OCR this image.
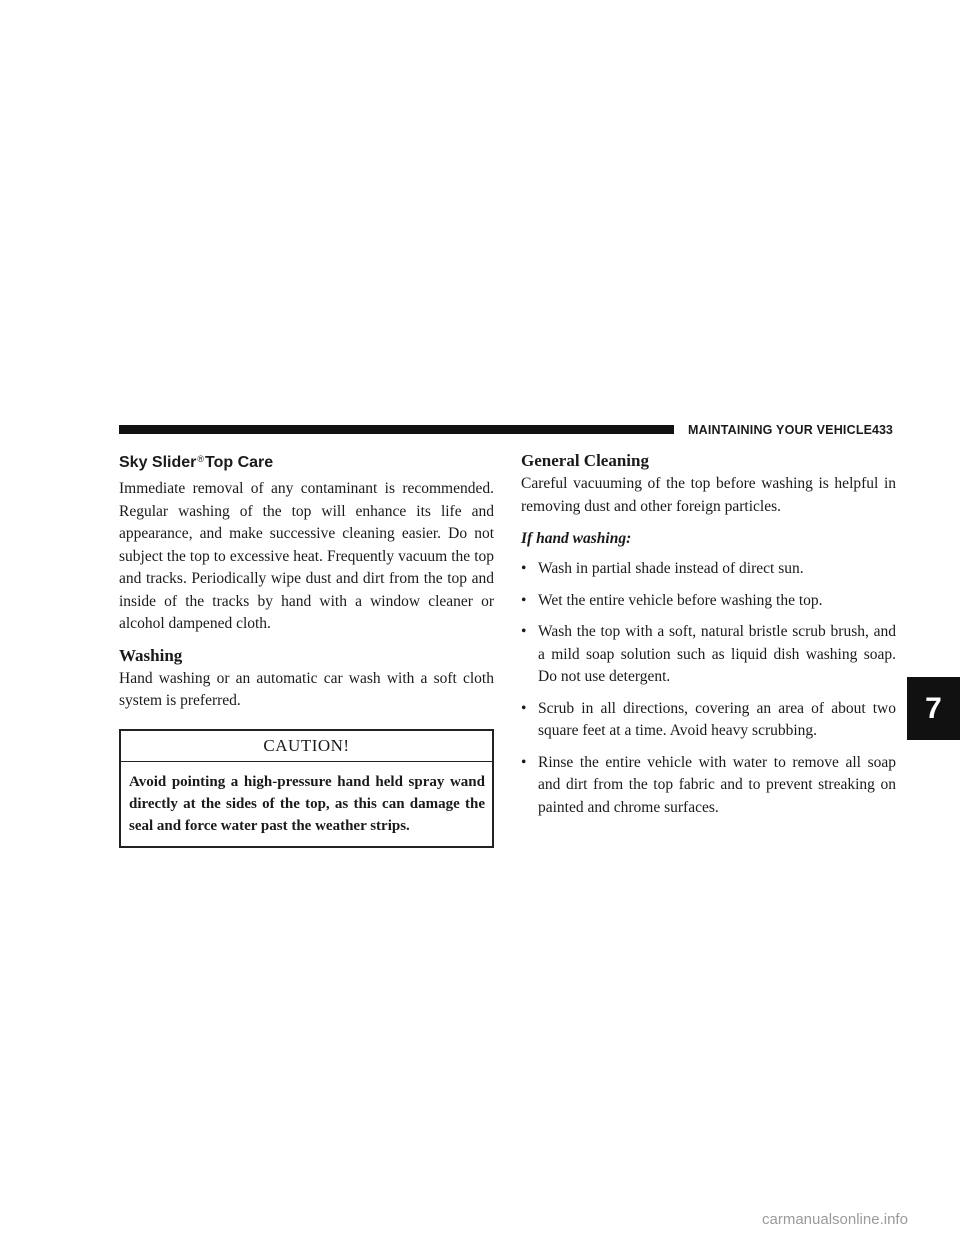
MAINTAINING YOUR VEHICLE 433
Sky Slider®Top Care

Immediate removal of any contaminant is recommended. Regular washing of the top will enhance its life and appearance, and make successive cleaning easier. Do not subject the top to excessive heat. Frequently vacuum the top and tracks. Periodically wipe dust and dirt from the top and inside of the tracks by hand with a window cleaner or alcohol dampened cloth.

Washing

Hand washing or an automatic car wash with a soft cloth system is preferred.

CAUTION!
Avoid pointing a high-pressure hand held spray wand directly at the sides of the top, as this can damage the seal and force water past the weather strips.
General Cleaning

Careful vacuuming of the top before washing is helpful in removing dust and other foreign particles.

If hand washing:
• Wash in partial shade instead of direct sun.
• Wet the entire vehicle before washing the top.
• Wash the top with a soft, natural bristle scrub brush, and a mild soap solution such as liquid dish washing soap. Do not use detergent.
• Scrub in all directions, covering an area of about two square feet at a time. Avoid heavy scrubbing.
• Rinse the entire vehicle with water to remove all soap and dirt from the top fabric and to prevent streaking on painted and chrome surfaces.
7
carmanualsonline.info
